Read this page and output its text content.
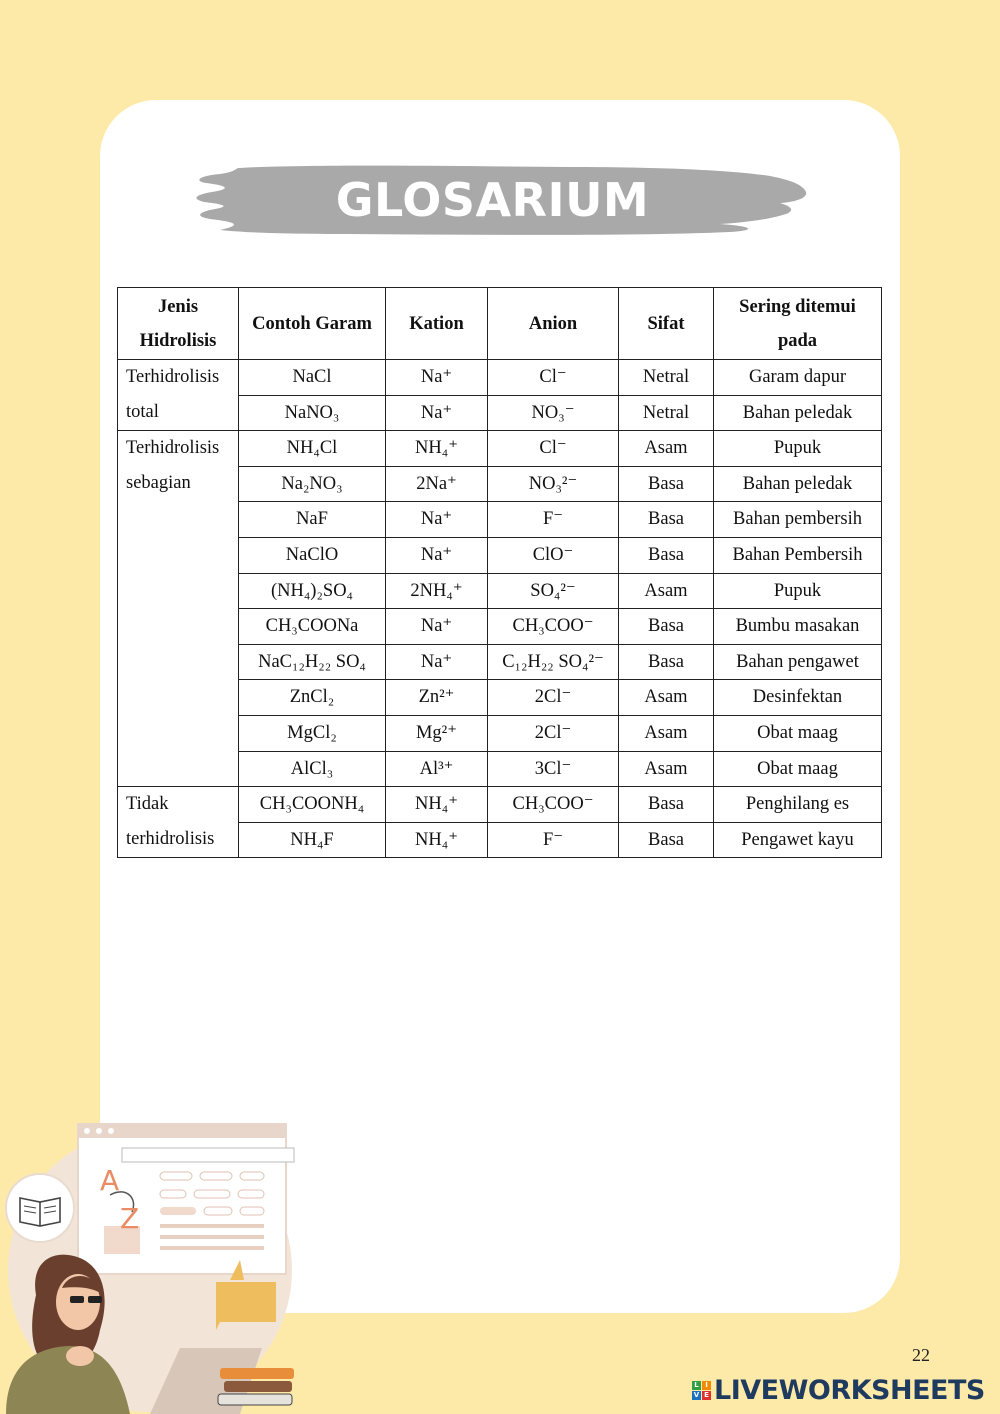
GLOSARIUM
Jenis Hidrolisis	Contoh Garam	Kation	Anion	Sifat	Sering ditemui pada
Terhidrolisis total	NaCl	Na⁺	Cl⁻	Netral	Garam dapur
	NaNO₃	Na⁺	NO₃⁻	Netral	Bahan peledak
Terhidrolisis sebagian	NH₄Cl	NH₄⁺	Cl⁻	Asam	Pupuk
	Na₂NO₃	2Na⁺	NO₃²⁻	Basa	Bahan peledak
	NaF	Na⁺	F⁻	Basa	Bahan pembersih
	NaClO	Na⁺	ClO⁻	Basa	Bahan Pembersih
	(NH₄)₂SO₄	2NH₄⁺	SO₄²⁻	Asam	Pupuk
	CH₃COONa	Na⁺	CH₃COO⁻	Basa	Bumbu masakan
	NaC₁₂H₂₂ SO₄	Na⁺	C₁₂H₂₂ SO₄²⁻	Basa	Bahan pengawet
	ZnCl₂	Zn²⁺	2Cl⁻	Asam	Desinfektan
	MgCl₂	Mg²⁺	2Cl⁻	Asam	Obat maag
	AlCl₃	Al³⁺	3Cl⁻	Asam	Obat maag
Tidak terhidrolisis	CH₃COONH₄	NH₄⁺	CH₃COO⁻	Basa	Penghilang es
	NH₄F	NH₄⁺	F⁻	Basa	Pengawet kayu
A
Z
22
L I
V E LIVEWORKSHEETS
